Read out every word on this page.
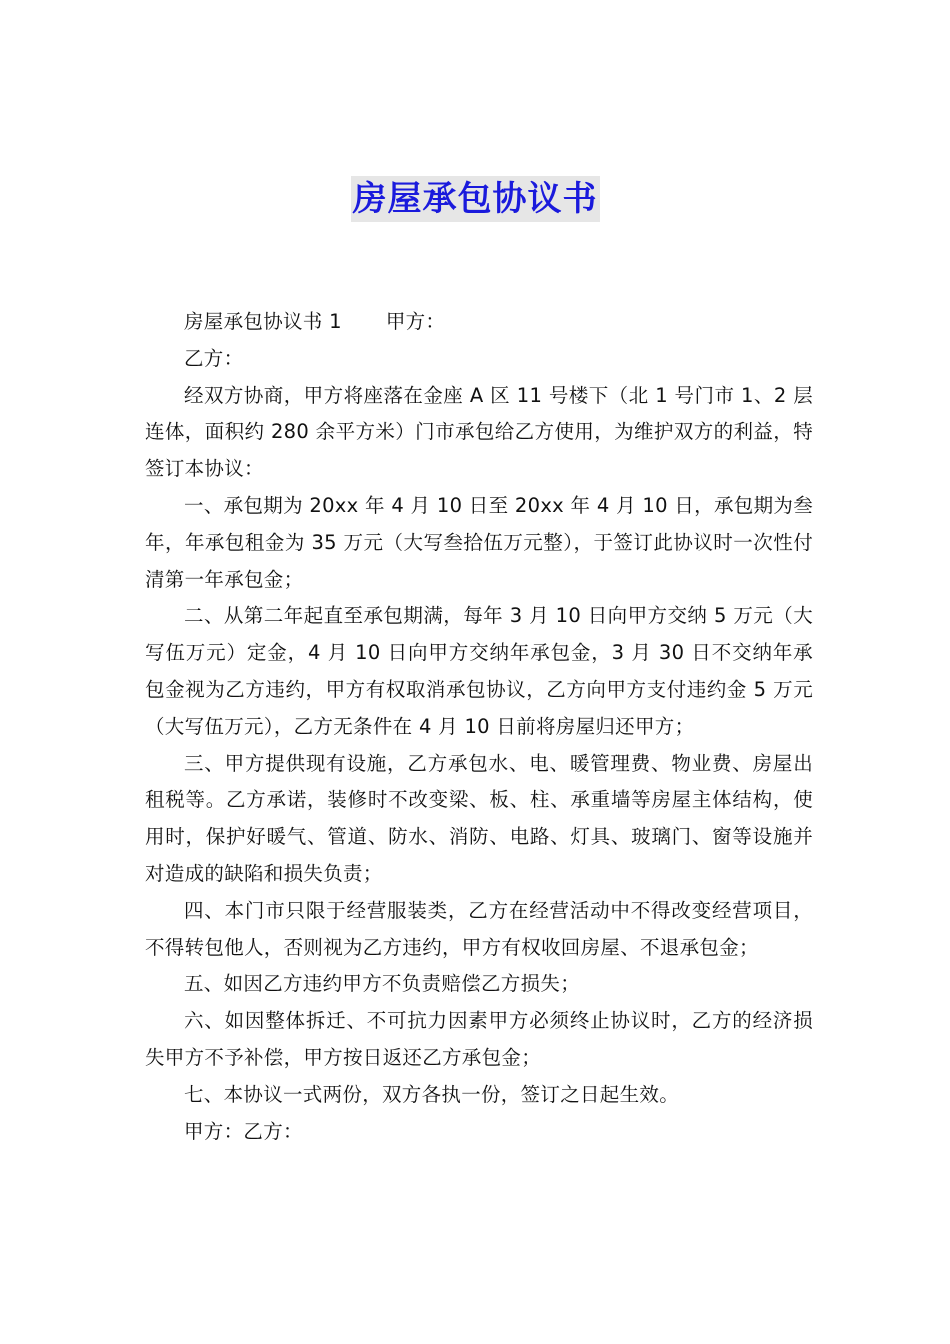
房屋承包协议书

房屋承包协议书 1 甲方：

乙方：

经双方协商，甲方将座落在金座 A 区 11 号楼下（北 1 号门市 1、2 层连体，面积约 280 余平方米）门市承包给乙方使用，为维护双方的利益，特签订本协议：

一、承包期为 20xx 年 4 月 10 日至 20xx 年 4 月 10 日，承包期为叁年，年承包租金为 35 万元（大写叁拾伍万元整），于签订此协议时一次性付清第一年承包金；

二、从第二年起直至承包期满，每年 3 月 10 日向甲方交纳 5 万元（大写伍万元）定金，4 月 10 日向甲方交纳年承包金，3 月 30 日不交纳年承包金视为乙方违约，甲方有权取消承包协议，乙方向甲方支付违约金 5 万元（大写伍万元），乙方无条件在 4 月 10 日前将房屋归还甲方；

三、甲方提供现有设施，乙方承包水、电、暖管理费、物业费、房屋出租税等。乙方承诺，装修时不改变梁、板、柱、承重墙等房屋主体结构，使用时，保护好暖气、管道、防水、消防、电路、灯具、玻璃门、窗等设施并对造成的缺陷和损失负责；

四、本门市只限于经营服装类，乙方在经营活动中不得改变经营项目，不得转包他人，否则视为乙方违约，甲方有权收回房屋、不退承包金；

五、如因乙方违约甲方不负责赔偿乙方损失；

六、如因整体拆迁、不可抗力因素甲方必须终止协议时，乙方的经济损失甲方不予补偿，甲方按日返还乙方承包金；

七、本协议一式两份，双方各执一份，签订之日起生效。

甲方：乙方：
